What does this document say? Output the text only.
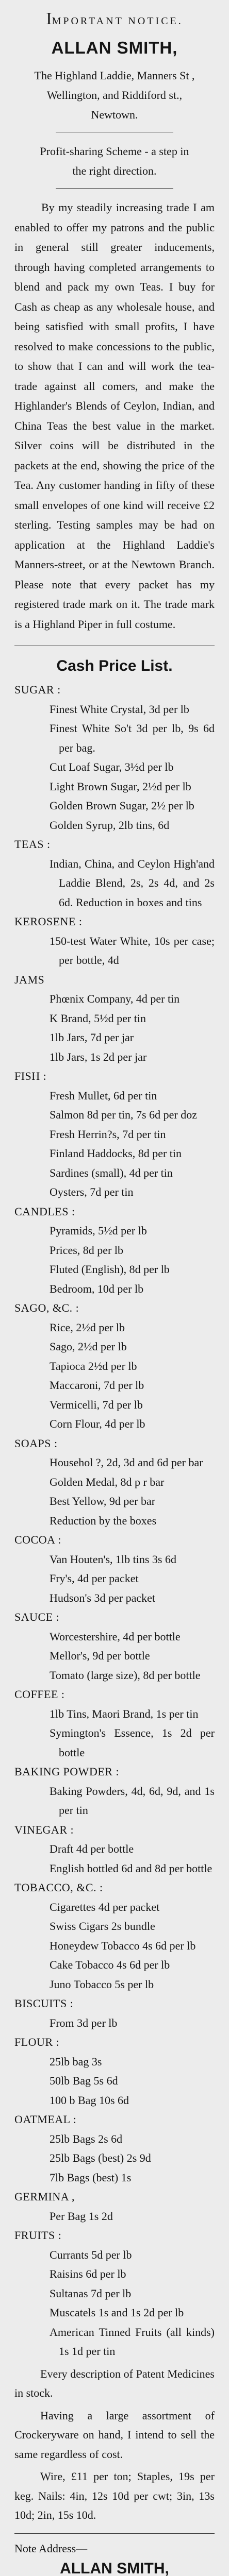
IMPORTANT NOTICE.

ALLAN SMITH,

The Highland Laddie, Manners St ,

Wellington, and Riddiford st.,

Newtown.

Profit-sharing Scheme - a step in

the right direction.

By my steadily increasing trade I am enabled to offer my patrons and the public in general still greater inducements, through having completed arrangements to blend and pack my own Teas. I buy for Cash as cheap as any wholesale house, and being satisfied with small profits, I have resolved to make concessions to the public, to show that I can and will work the tea-trade against all comers, and make the Highlander's Blends of Ceylon, Indian, and China Teas the best value in the market. Silver coins will be distributed in the packets at the end, showing the price of the Tea. Any customer handing in fifty of these small envelopes of one kind will receive £2 sterling. Testing samples may be had on application at the Highland Laddie's Manners-street, or at the Newtown Branch. Please note that every packet has my registered trade mark on it. The trade mark is a Highland Piper in full costume.

Cash Price List.

SUGAR :

Finest White Crystal, 3d per lb

Finest White So't 3d per lb, 9s 6d per bag.

Cut Loaf Sugar, 3½d per lb

Light Brown Sugar, 2½d per lb

Golden Brown Sugar, 2½ per lb

Golden Syrup, 2lb tins, 6d

TEAS :

Indian, China, and Ceylon High'and Laddie Blend, 2s, 2s 4d, and 2s 6d. Reduction in boxes and tins

KEROSENE :

150-test Water White, 10s per case; per bottle, 4d

JAMS

Phœnix Company, 4d per tin

K Brand, 5½d per tin

1lb Jars, 7d per jar

1lb Jars, 1s 2d per jar

FISH :

Fresh Mullet, 6d per tin

Salmon 8d per tin, 7s 6d per doz

Fresh Herrin?s, 7d per tin

Finland Haddocks, 8d per tin

Sardines (small), 4d per tin

Oysters, 7d per tin

CANDLES :

Pyramids, 5½d per lb

Prices, 8d per lb

Fluted (English), 8d per lb

Bedroom, 10d per lb

SAGO, &C. :

Rice, 2½d per lb

Sago, 2½d per lb

Tapioca 2½d per lb

Maccaroni, 7d per lb

Vermicelli, 7d per lb

Corn Flour, 4d per lb

SOAPS :

Househol ?, 2d, 3d and 6d per bar

Golden Medal, 8d p r bar

Best Yellow, 9d per bar

Reduction by the boxes

COCOA :

Van Houten's, 1lb tins 3s 6d

Fry's, 4d per packet

Hudson's 3d per packet

SAUCE :

Worcestershire, 4d per bottle

Mellor's, 9d per bottle

Tomato (large size), 8d per bottle

COFFEE :

1lb Tins, Maori Brand, 1s per tin

Symington's Essence, 1s 2d per bottle

BAKING POWDER :

Baking Powders, 4d, 6d, 9d, and 1s per tin

VINEGAR :

Draft 4d per bottle

English bottled 6d and 8d per bottle

TOBACCO, &C. :

Cigarettes 4d per packet

Swiss Cigars 2s bundle

Honeydew Tobacco 4s 6d per lb

Cake Tobacco 4s 6d per lb

Juno Tobacco 5s per lb

BISCUITS :

From 3d per lb

FLOUR :

25lb bag 3s

50lb Bag 5s 6d

100 b Bag 10s 6d

OATMEAL :

25lb Bags 2s 6d

25lb Bags (best) 2s 9d

7lb Bags (best) 1s

GERMINA ,

Per Bag 1s 2d

FRUITS :

Currants 5d per lb

Raisins 6d per lb

Sultanas 7d per lb

Muscatels 1s and 1s 2d per lb

American Tinned Fruits (all kinds) 1s 1d per tin

Every description of Patent Medicines in stock.

Having a large assortment of Crockeryware on hand, I intend to sell the same regardless of cost.

Wire, £11 per ton; Staples, 19s per keg. Nails: 4in, 12s 10d per cwt; 3in, 13s 10d; 2in, 15s 10d.

Note Address—

ALLAN SMITH,
